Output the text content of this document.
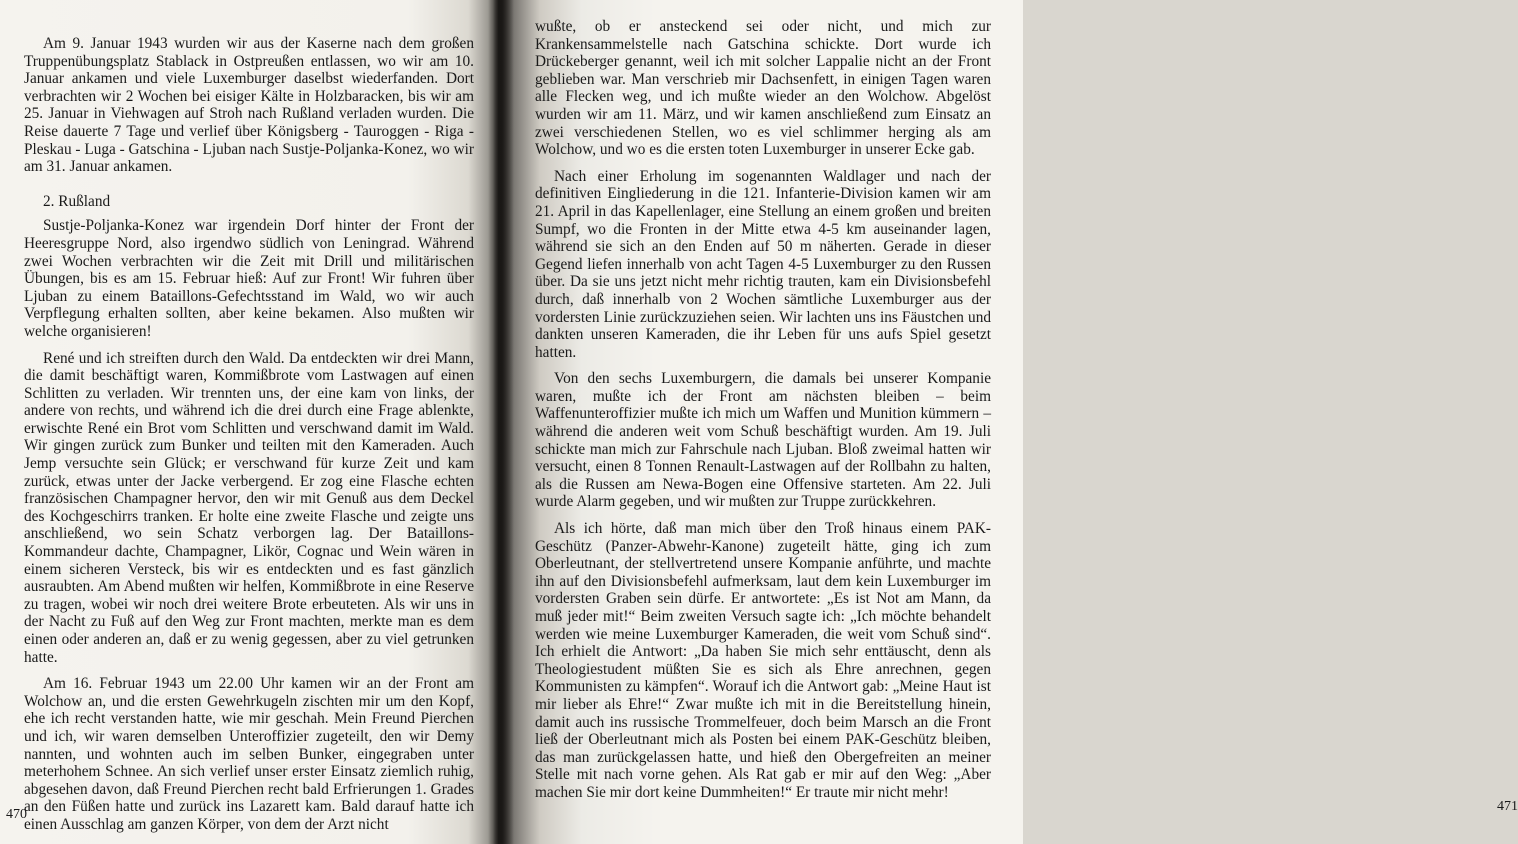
Am 9. Januar 1943 wurden wir aus der Kaserne nach dem großen Truppenübungsplatz Stablack in Ostpreußen entlassen, wo wir am 10. Januar ankamen und viele Luxemburger daselbst wiederfanden. Dort verbrachten wir 2 Wochen bei eisiger Kälte in Holzbaracken, bis wir am 25. Januar in Viehwagen auf Stroh nach Rußland verladen wurden. Die Reise dauerte 7 Tage und verlief über Königsberg - Tauroggen - Riga - Pleskau - Luga - Gatschina - Ljuban nach Sustje-Poljanka-Konez, wo wir am 31. Januar ankamen.

2. Rußland

Sustje-Poljanka-Konez war irgendein Dorf hinter der Front der Heeresgruppe Nord, also irgendwo südlich von Leningrad. Während zwei Wochen verbrachten wir die Zeit mit Drill und militärischen Übungen, bis es am 15. Februar hieß: Auf zur Front! Wir fuhren über Ljuban zu einem Bataillons-Gefechtsstand im Wald, wo wir auch Verpflegung erhalten sollten, aber keine bekamen. Also mußten wir welche organisieren!

René und ich streiften durch den Wald. Da entdeckten wir drei Mann, die damit beschäftigt waren, Kommißbrote vom Lastwagen auf einen Schlitten zu verladen. Wir trennten uns, der eine kam von links, der andere von rechts, und während ich die drei durch eine Frage ablenkte, erwischte René ein Brot vom Schlitten und verschwand damit im Wald. Wir gingen zurück zum Bunker und teilten mit den Kameraden. Auch Jemp versuchte sein Glück; er verschwand für kurze Zeit und kam zurück, etwas unter der Jacke verbergend. Er zog eine Flasche echten französischen Champagner hervor, den wir mit Genuß aus dem Deckel des Kochgeschirrs tranken. Er holte eine zweite Flasche und zeigte uns anschließend, wo sein Schatz verborgen lag. Der Bataillons-Kommandeur dachte, Champagner, Likör, Cognac und Wein wären in einem sicheren Versteck, bis wir es entdeckten und es fast gänzlich ausraubten. Am Abend mußten wir helfen, Kommißbrote in eine Reserve zu tragen, wobei wir noch drei weitere Brote erbeuteten. Als wir uns in der Nacht zu Fuß auf den Weg zur Front machten, merkte man es dem einen oder anderen an, daß er zu wenig gegessen, aber zu viel getrunken hatte.

Am 16. Februar 1943 um 22.00 Uhr kamen wir an der Front am Wolchow an, und die ersten Gewehrkugeln zischten mir um den Kopf, ehe ich recht verstanden hatte, wie mir geschah. Mein Freund Pierchen und ich, wir waren demselben Unteroffizier zugeteilt, den wir Demy nannten, und wohnten auch im selben Bunker, eingegraben unter meterhohem Schnee. An sich verlief unser erster Einsatz ziemlich ruhig, abgesehen davon, daß Freund Pierchen recht bald Erfrierungen 1. Grades an den Füßen hatte und zurück ins Lazarett kam. Bald darauf hatte ich einen Ausschlag am ganzen Körper, von dem der Arzt nicht

470
471

wußte, ob er ansteckend sei oder nicht, und mich zur Krankensammelstelle nach Gatschina schickte. Dort wurde ich Drückeberger genannt, weil ich mit solcher Lappalie nicht an der Front geblieben war. Man verschrieb mir Dachsenfett, in einigen Tagen waren alle Flecken weg, und ich mußte wieder an den Wolchow. Abgelöst wurden wir am 11. März, und wir kamen anschließend zum Einsatz an zwei verschiedenen Stellen, wo es viel schlimmer herging als am Wolchow, und wo es die ersten toten Luxemburger in unserer Ecke gab.

Nach einer Erholung im sogenannten Waldlager und nach der definitiven Eingliederung in die 121. Infanterie-Division kamen wir am 21. April in das Kapellenlager, eine Stellung an einem großen und breiten Sumpf, wo die Fronten in der Mitte etwa 4-5 km auseinander lagen, während sie sich an den Enden auf 50 m näherten. Gerade in dieser Gegend liefen innerhalb von acht Tagen 4-5 Luxemburger zu den Russen über. Da sie uns jetzt nicht mehr richtig trauten, kam ein Divisionsbefehl durch, daß innerhalb von 2 Wochen sämtliche Luxemburger aus der vordersten Linie zurückzuziehen seien. Wir lachten uns ins Fäustchen und dankten unseren Kameraden, die ihr Leben für uns aufs Spiel gesetzt hatten.

Von den sechs Luxemburgern, die damals bei unserer Kompanie waren, mußte ich der Front am nächsten bleiben – beim Waffenunteroffizier mußte ich mich um Waffen und Munition kümmern – während die anderen weit vom Schuß beschäftigt wurden. Am 19. Juli schickte man mich zur Fahrschule nach Ljuban. Bloß zweimal hatten wir versucht, einen 8 Tonnen Renault-Lastwagen auf der Rollbahn zu halten, als die Russen am Newa-Bogen eine Offensive starteten. Am 22. Juli wurde Alarm gegeben, und wir mußten zur Truppe zurückkehren.

Als ich hörte, daß man mich über den Troß hinaus einem PAK-Geschütz (Panzer-Abwehr-Kanone) zugeteilt hätte, ging ich zum Oberleutnant, der stellvertretend unsere Kompanie anführte, und machte ihn auf den Divisionsbefehl aufmerksam, laut dem kein Luxemburger im vordersten Graben sein dürfe. Er antwortete: „Es ist Not am Mann, da muß jeder mit!“ Beim zweiten Versuch sagte ich: „Ich möchte behandelt werden wie meine Luxemburger Kameraden, die weit vom Schuß sind“. Ich erhielt die Antwort: „Da haben Sie mich sehr enttäuscht, denn als Theologiestudent müßten Sie es sich als Ehre anrechnen, gegen Kommunisten zu kämpfen“. Worauf ich die Antwort gab: „Meine Haut ist mir lieber als Ehre!“ Zwar mußte ich mit in die Bereitstellung hinein, damit auch ins russische Trommelfeuer, doch beim Marsch an die Front ließ der Oberleutnant mich als Posten bei einem PAK-Geschütz bleiben, das man zurückgelassen hatte, und hieß den Obergefreiten an meiner Stelle mit nach vorne gehen. Als Rat gab er mir auf den Weg: „Aber machen Sie mir dort keine Dummheiten!“ Er traute mir nicht mehr!
